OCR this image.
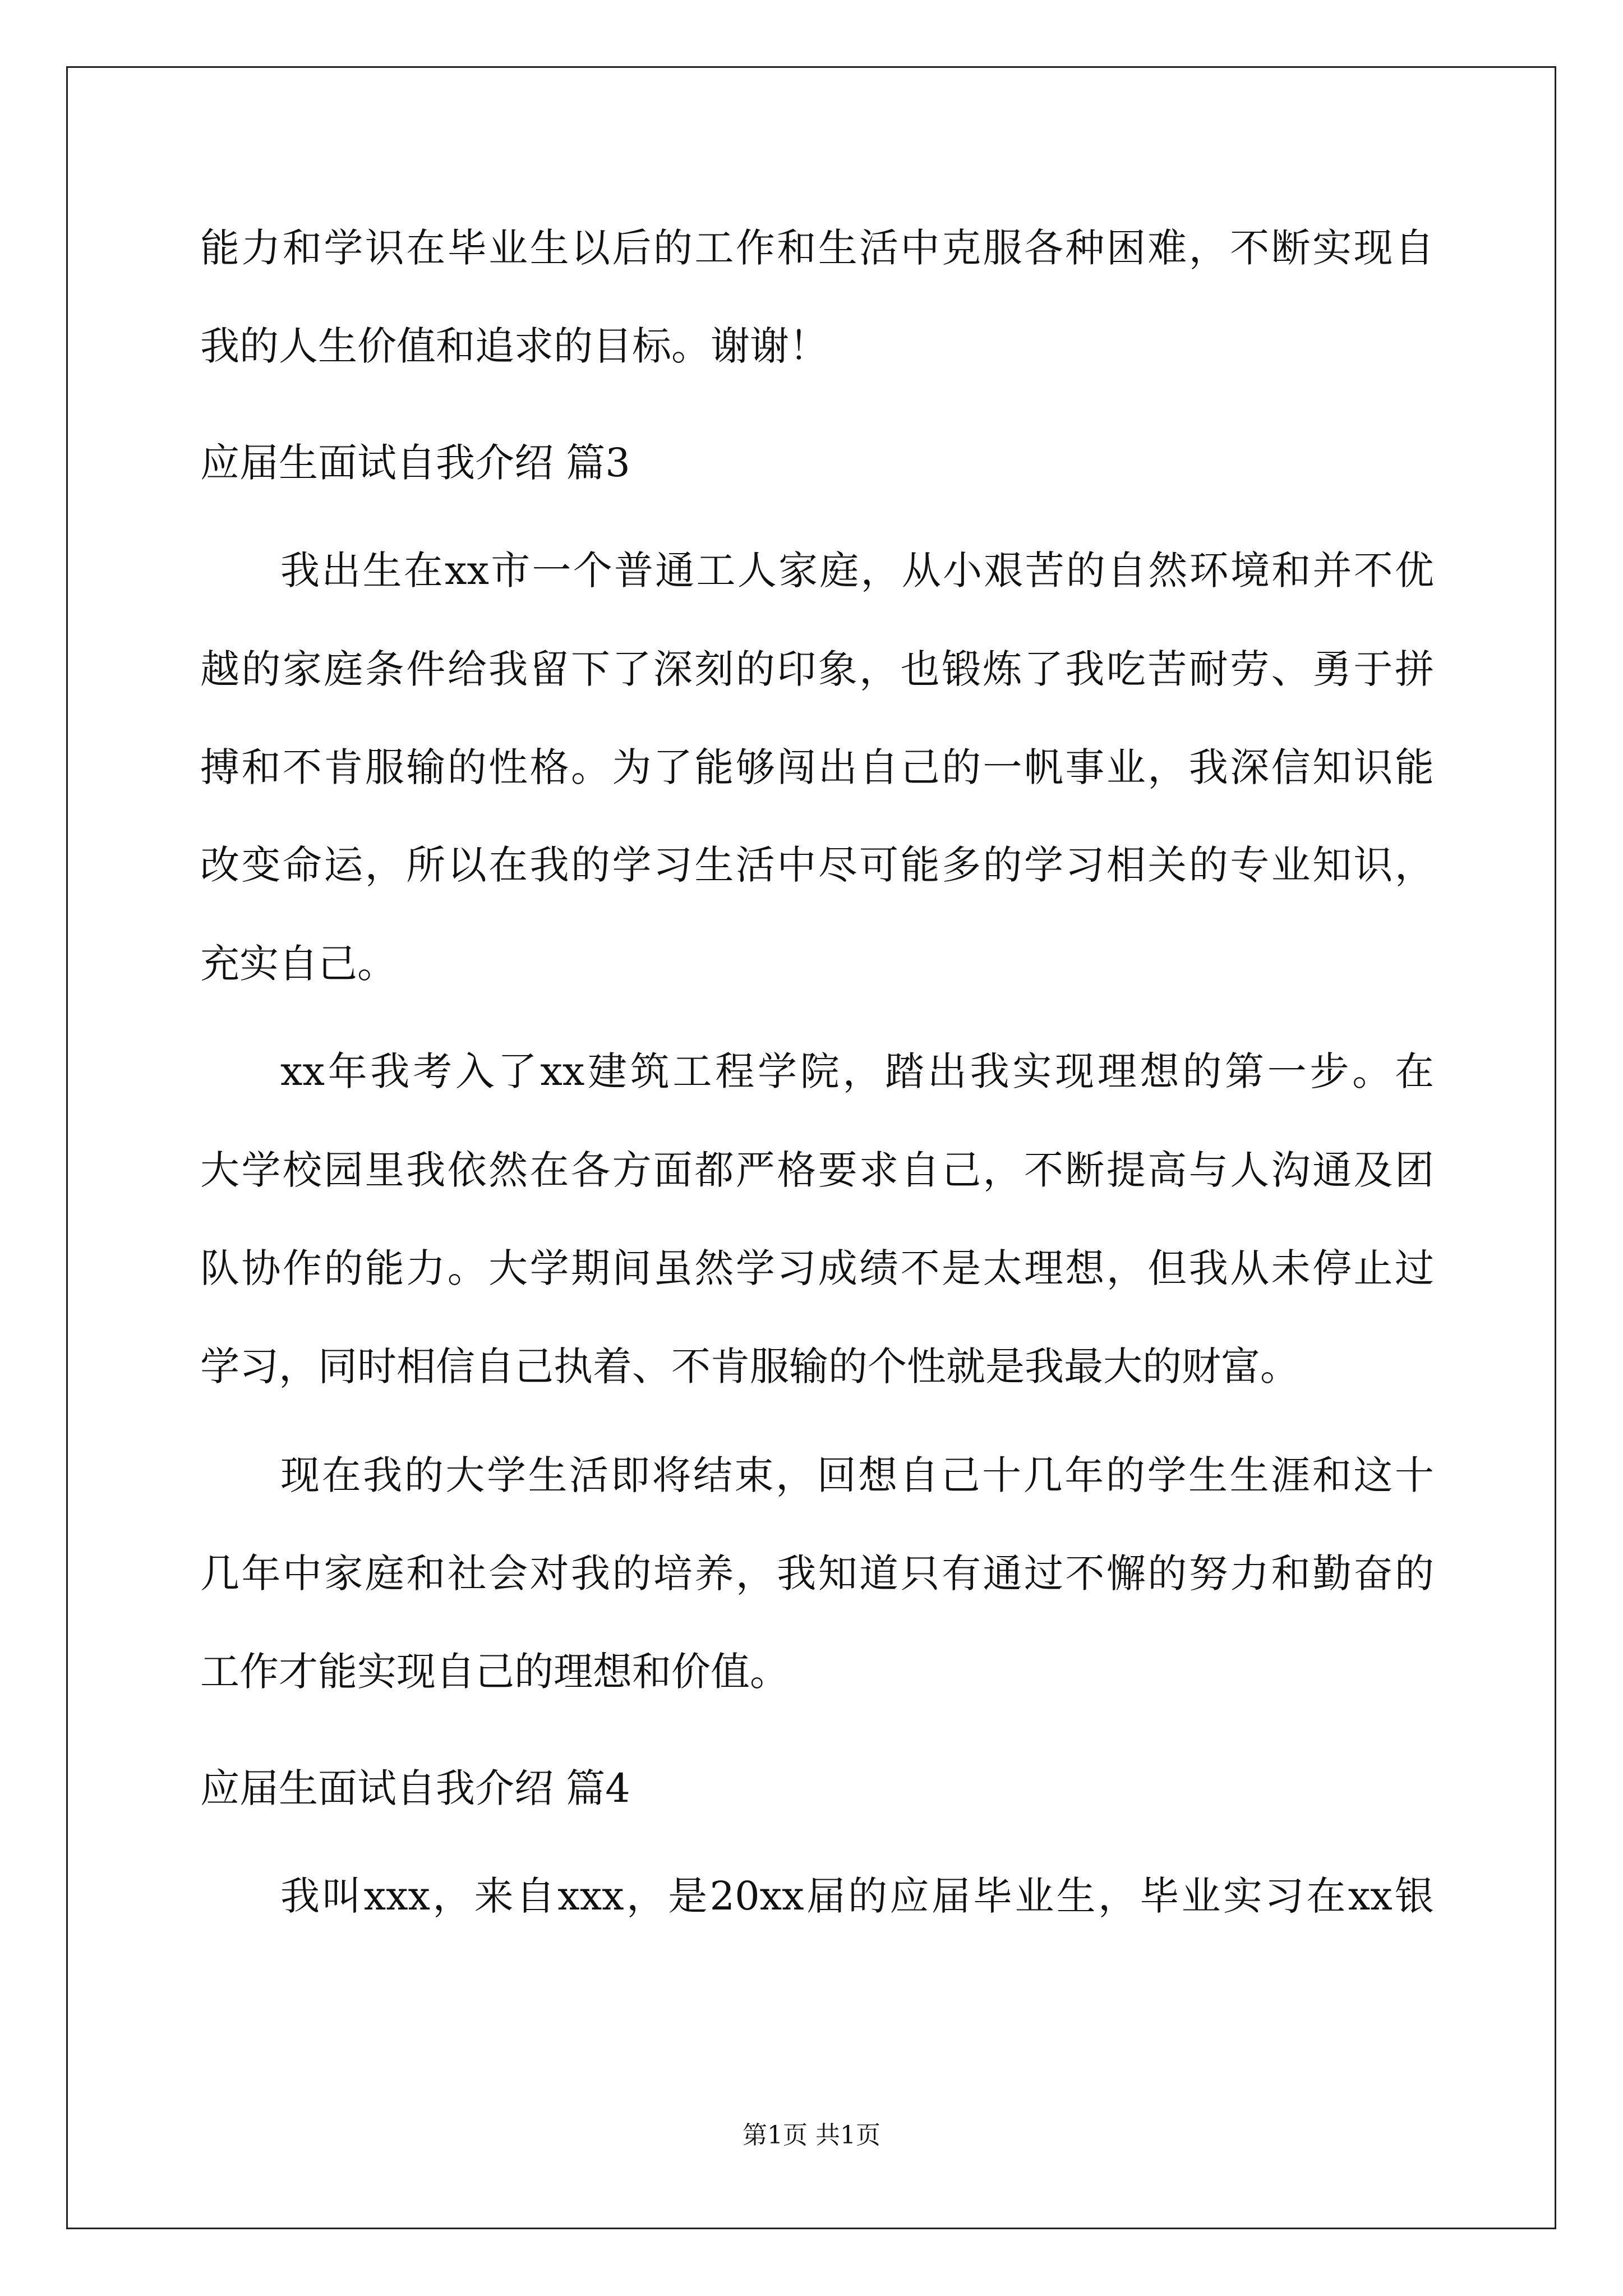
能力和学识在毕业生以后的工作和生活中克服各种困难，不断实现自
我的人生价值和追求的目标。谢谢！
应届生面试自我介绍 篇3
我出生在xx市一个普通工人家庭，从小艰苦的自然环境和并不优
越的家庭条件给我留下了深刻的印象，也锻炼了我吃苦耐劳、勇于拼
搏和不肯服输的性格。为了能够闯出自己的一帆事业，我深信知识能
改变命运，所以在我的学习生活中尽可能多的学习相关的专业知识，
充实自己。
xx年我考入了xx建筑工程学院，踏出我实现理想的第一步。在
大学校园里我依然在各方面都严格要求自己，不断提高与人沟通及团
队协作的能力。大学期间虽然学习成绩不是太理想，但我从未停止过
学习，同时相信自己执着、不肯服输的个性就是我最大的财富。
现在我的大学生活即将结束，回想自己十几年的学生生涯和这十
几年中家庭和社会对我的培养，我知道只有通过不懈的努力和勤奋的
工作才能实现自己的理想和价值。
应届生面试自我介绍 篇4
我叫xxx，来自xxx，是20xx届的应届毕业生，毕业实习在xx银
第1页 共1页
